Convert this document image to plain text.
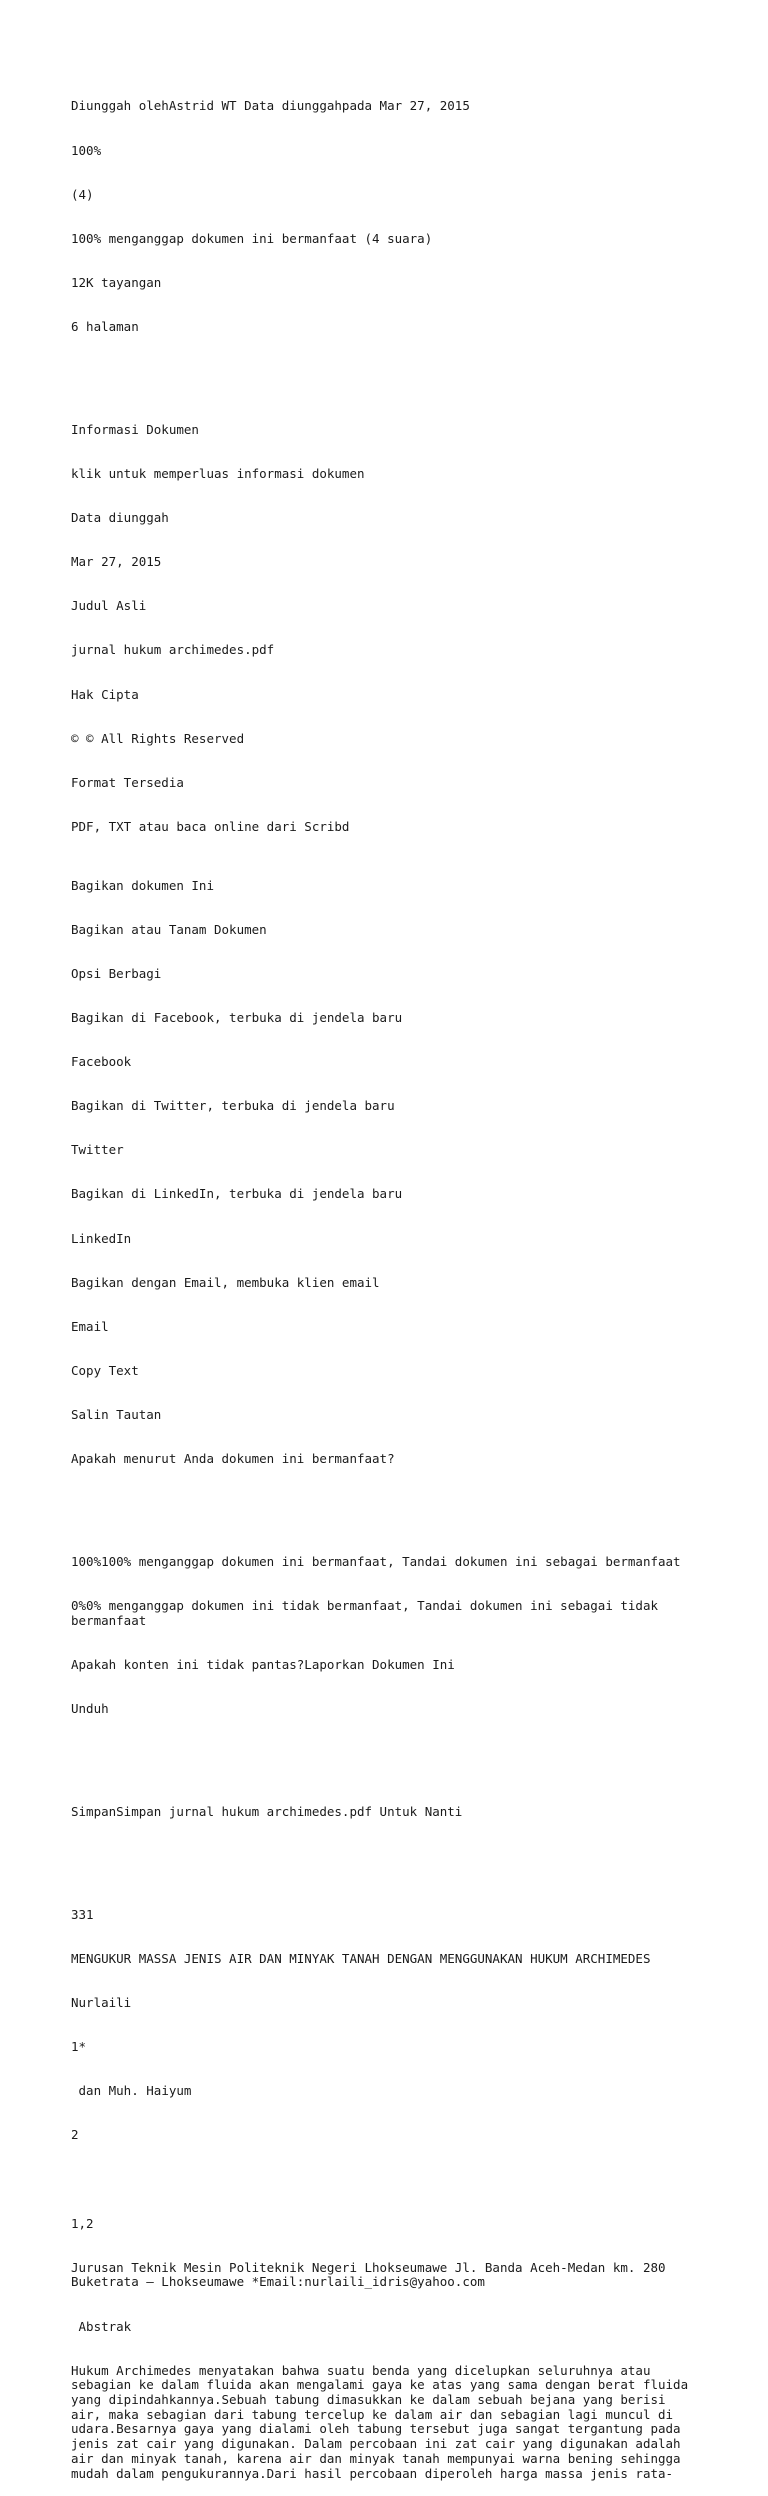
Diunggah olehAstrid WT Data diunggahpada Mar 27, 2015

100%

(4)

100% menganggap dokumen ini bermanfaat (4 suara)

12K tayangan

6 halaman

Informasi Dokumen

klik untuk memperluas informasi dokumen

Data diunggah

Mar 27, 2015

Judul Asli

jurnal hukum archimedes.pdf

Hak Cipta

© © All Rights Reserved

Format Tersedia

PDF, TXT atau baca online dari Scribd

Bagikan dokumen Ini

Bagikan atau Tanam Dokumen

Opsi Berbagi

Bagikan di Facebook, terbuka di jendela baru

Facebook

Bagikan di Twitter, terbuka di jendela baru

Twitter

Bagikan di LinkedIn, terbuka di jendela baru

LinkedIn

Bagikan dengan Email, membuka klien email

Email

Copy Text

Salin Tautan

Apakah menurut Anda dokumen ini bermanfaat?

100%100% menganggap dokumen ini bermanfaat, Tandai dokumen ini sebagai bermanfaat

0%0% menganggap dokumen ini tidak bermanfaat, Tandai dokumen ini sebagai tidak bermanfaat

Apakah konten ini tidak pantas?Laporkan Dokumen Ini

Unduh

SimpanSimpan jurnal hukum archimedes.pdf Untuk Nanti

331

MENGUKUR MASSA JENIS AIR DAN MINYAK TANAH DENGAN MENGGUNAKAN HUKUM ARCHIMEDES

Nurlaili

1*

dan Muh. Haiyum

2

1,2

Jurusan Teknik Mesin Politeknik Negeri Lhokseumawe Jl. Banda Aceh-Medan km. 280 Buketrata – Lhokseumawe *Email:nurlaili_idris@yahoo.com

Abstrak

Hukum Archimedes menyatakan bahwa suatu benda yang dicelupkan seluruhnya atau sebagian ke dalam fluida akan mengalami gaya ke atas yang sama dengan berat fluida yang dipindahkannya.Sebuah tabung dimasukkan ke dalam sebuah bejana yang berisi air, maka sebagian dari tabung tercelup ke dalam air dan sebagian lagi muncul di udara.Besarnya gaya yang dialami oleh tabung tersebut juga sangat tergantung pada jenis zat cair yang digunakan. Dalam percobaan ini zat cair yang digunakan adalah air dan minyak tanah, karena air dan minyak tanah mempunyai warna bening sehingga mudah dalam pengukurannya.Dari hasil percobaan diperoleh harga massa jenis rata-
